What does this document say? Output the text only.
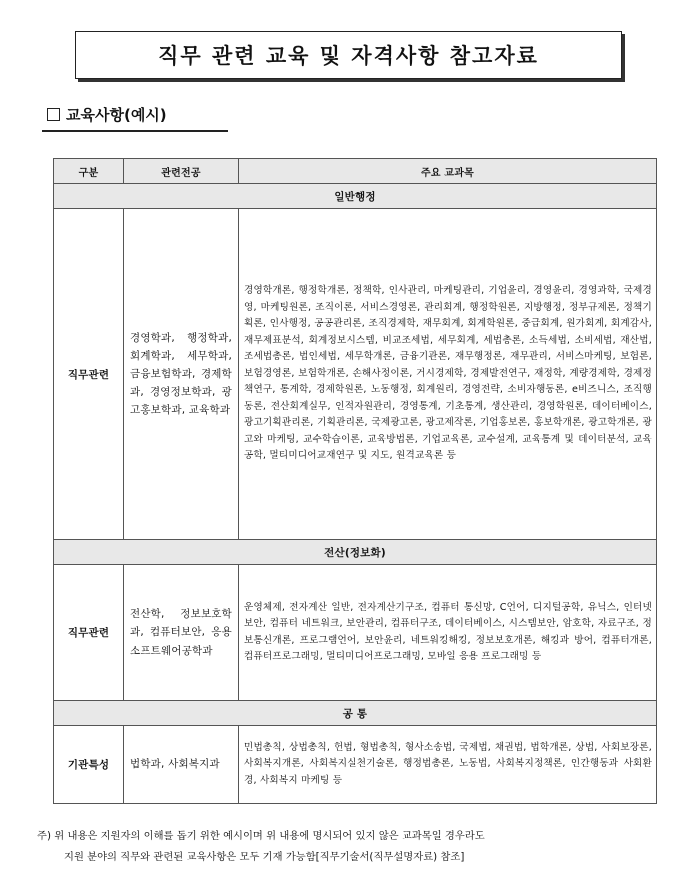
직무 관련 교육 및 자격사항 참고자료
교육사항(예시)
구분	관련전공	주요 교과목
일반행정		
직무관련	경영학과, 행정학과, 회계학과, 세무학과, 금융보험학과, 경제학과, 경영정보학과, 광고홍보학과, 교육학과	경영학개론, 행정학개론, 정책학, 인사관리, 마케팅관리, 기업윤리, 경영윤리, 경영과학, 국제경영, 마케팅원론, 조직이론, 서비스경영론, 관리회계, 행정학원론, 지방행정, 정부규제론, 정책기획론, 인사행정, 공공관리론, 조직경제학, 재무회계, 회계학원론, 중급회계, 원가회계, 회계감사, 재무제표분석, 회계정보시스템, 비교조세법, 세무회계, 세법총론, 소득세법, 소비세법, 재산법, 조세법총론, 법인세법, 세무학개론, 금융기관론, 재무행정론, 재무관리, 서비스마케팅, 보험론, 보험경영론, 보험학개론, 손해사정이론, 거시경제학, 경제발전연구, 재정학, 계량경제학, 경제정책연구, 통계학, 경제학원론, 노동행정, 회계원리, 경영전략, 소비자행동론, e비즈니스, 조직행동론, 전산회계실무, 인적자원관리, 경영통계, 기초통계, 생산관리, 경영학원론, 데이터베이스, 광고기획관리론, 기획관리론, 국제광고론, 광고제작론, 기업홍보론, 홍보학개론, 광고학개론, 광고와 마케팅, 교수학습이론, 교육방법론, 기업교육론, 교수설계, 교육통계 및 데이터분석, 교육공학, 멀티미디어교재연구 및 지도, 원격교육론 등
전산(정보화)		
직무관련	전산학, 정보보호학과, 컴퓨터보안, 응용소프트웨어공학과	운영체제, 전자계산 일반, 전자계산기구조, 컴퓨터 통신망, C언어, 디지털공학, 유닉스, 인터넷 보안, 컴퓨터 네트워크, 보안관리, 컴퓨터구조, 데이터베이스, 시스템보안, 암호학, 자료구조, 정보통신개론, 프로그램언어, 보안윤리, 네트워킹해킹, 정보보호개론, 해킹과 방어, 컴퓨터개론, 컴퓨터프로그래밍, 멀티미디어프로그래밍, 모바일 응용 프로그래밍 등
공 통		
기관특성	법학과, 사회복지과	민법총칙, 상법총칙, 헌법, 형법총칙, 형사소송법, 국제법, 채권법, 법학개론, 상법, 사회보장론, 사회복지개론, 사회복지실천기술론, 행정법총론, 노동법, 사회복지정책론, 인간행동과 사회환경, 사회복지 마케팅 등
주) 위 내용은 지원자의 이해를 돕기 위한 예시이며 위 내용에 명시되어 있지 않은 교과목일 경우라도
지원 분야의 직무와 관련된 교육사항은 모두 기재 가능함[직무기술서(직무설명자료) 참조]
